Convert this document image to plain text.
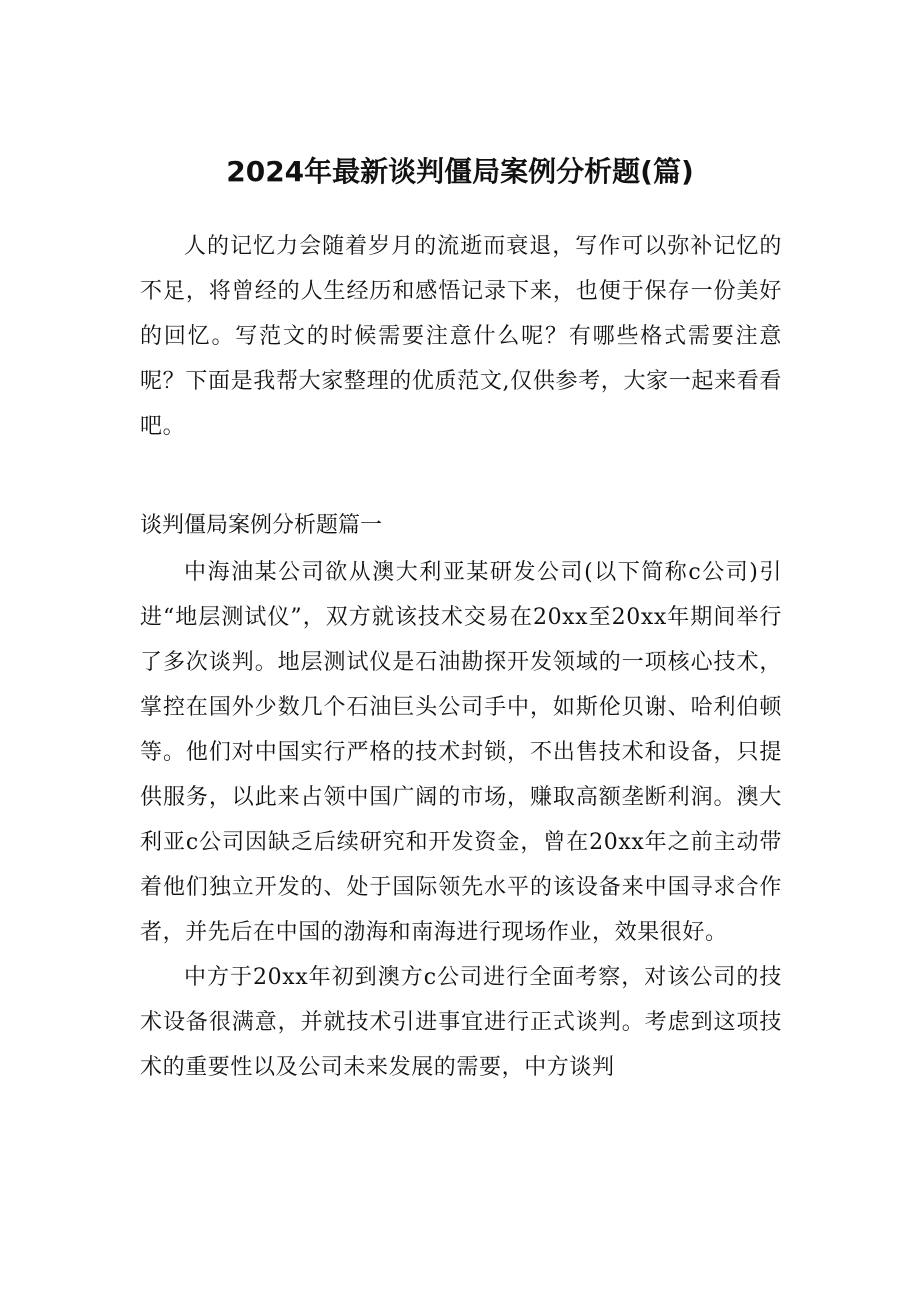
2024年最新谈判僵局案例分析题(篇)

人的记忆力会随着岁月的流逝而衰退，写作可以弥补记忆的不足，将曾经的人生经历和感悟记录下来，也便于保存一份美好的回忆。写范文的时候需要注意什么呢？有哪些格式需要注意呢？下面是我帮大家整理的优质范文,仅供参考，大家一起来看看吧。

谈判僵局案例分析题篇一

中海油某公司欲从澳大利亚某研发公司(以下简称c公司)引进“地层测试仪”，双方就该技术交易在20xx至20xx年期间举行了多次谈判。地层测试仪是石油勘探开发领域的一项核心技术，掌控在国外少数几个石油巨头公司手中，如斯伦贝谢、哈利伯顿等。他们对中国实行严格的技术封锁，不出售技术和设备，只提供服务，以此来占领中国广阔的市场，赚取高额垄断利润。澳大利亚c公司因缺乏后续研究和开发资金，曾在20xx年之前主动带着他们独立开发的、处于国际领先水平的该设备来中国寻求合作者，并先后在中国的渤海和南海进行现场作业，效果很好。

中方于20xx年初到澳方c公司进行全面考察，对该公司的技术设备很满意，并就技术引进事宜进行正式谈判。考虑到这项技术的重要性以及公司未来发展的需要，中方谈判
